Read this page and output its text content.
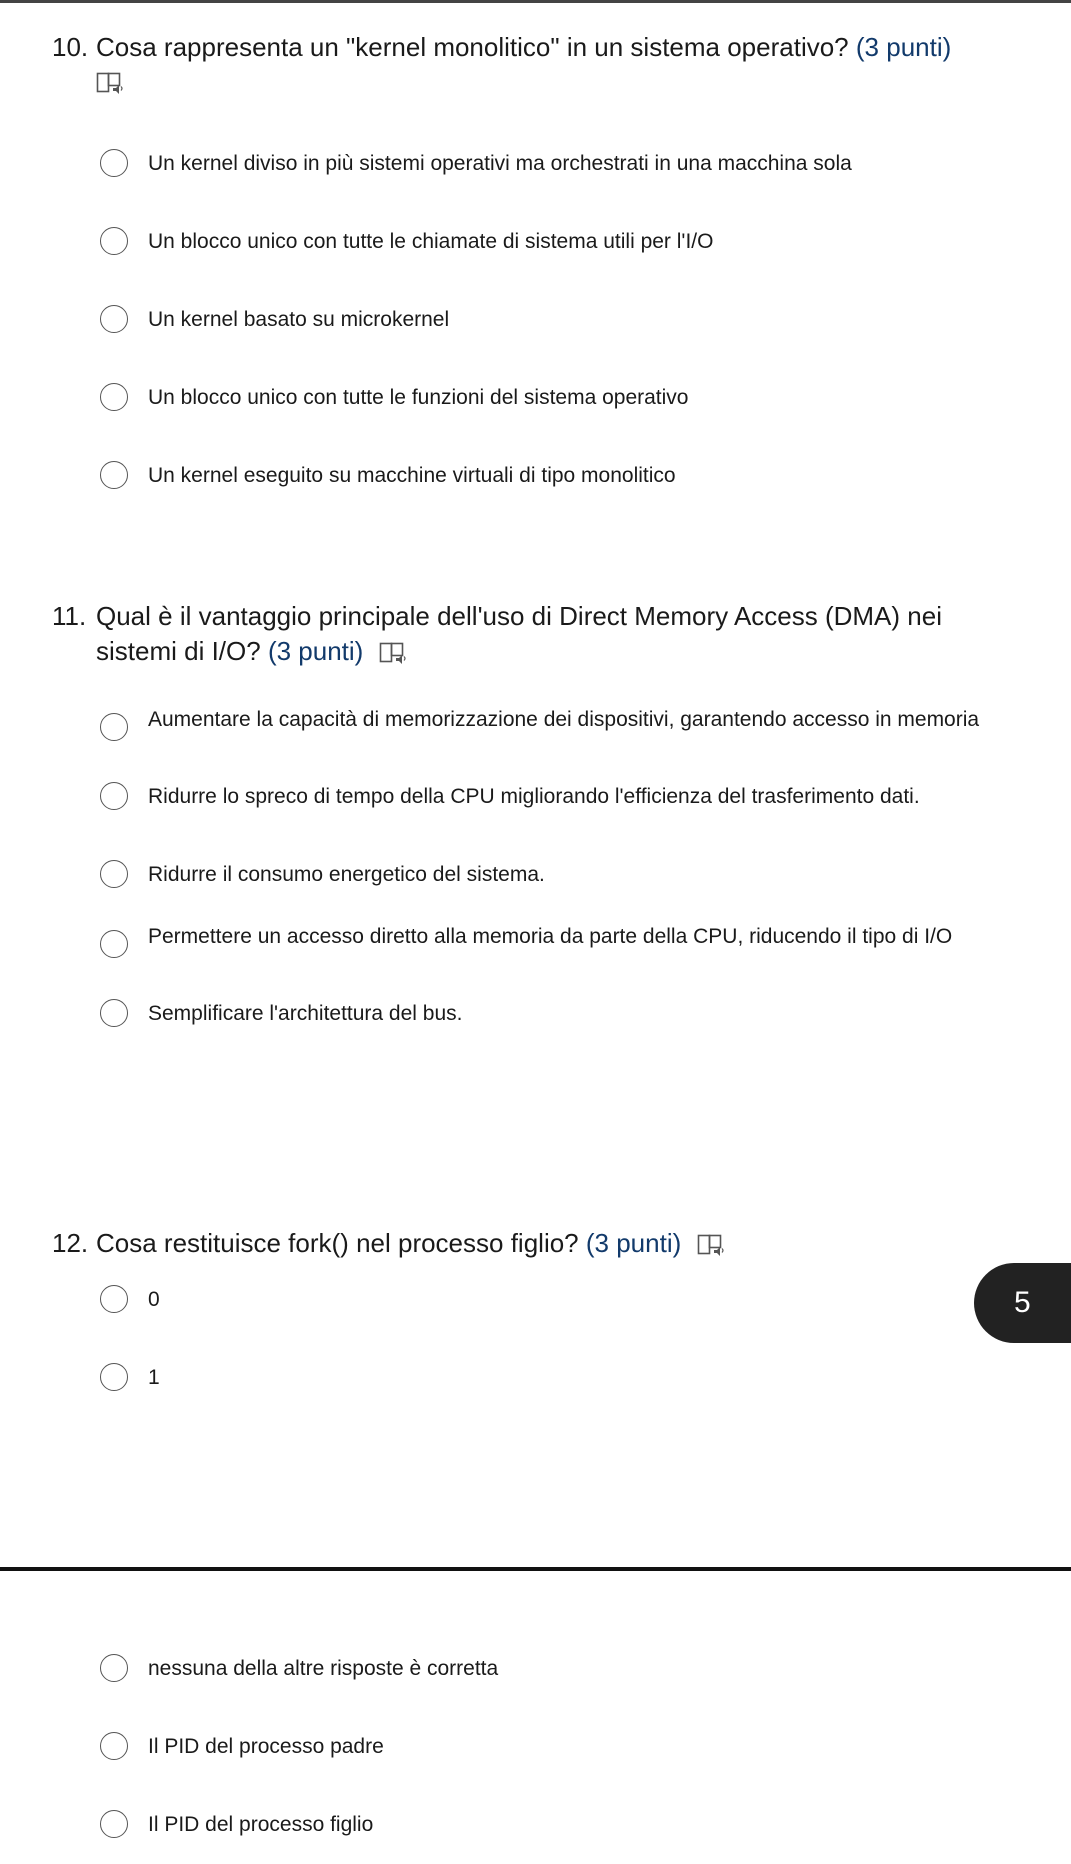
10. Cosa rappresenta un "kernel monolitico" in un sistema operativo? (3 punti)
Un kernel diviso in più sistemi operativi ma orchestrati in una macchina sola
Un blocco unico con tutte le chiamate di sistema utili per l'I/O
Un kernel basato su microkernel
Un blocco unico con tutte le funzioni del sistema operativo
Un kernel eseguito su macchine virtuali di tipo monolitico
11. Qual è il vantaggio principale dell'uso di Direct Memory Access (DMA) nei sistemi di I/O? (3 punti)
Aumentare la capacità di memorizzazione dei dispositivi, garantendo accesso in memoria
Ridurre lo spreco di tempo della CPU migliorando l'efficienza del trasferimento dati.
Ridurre il consumo energetico del sistema.
Permettere un accesso diretto alla memoria da parte della CPU, riducendo il tipo di I/O
Semplificare l'architettura del bus.
12. Cosa restituisce fork() nel processo figlio? (3 punti)
0
1
nessuna della altre risposte è corretta
Il PID del processo padre
Il PID del processo figlio
5
